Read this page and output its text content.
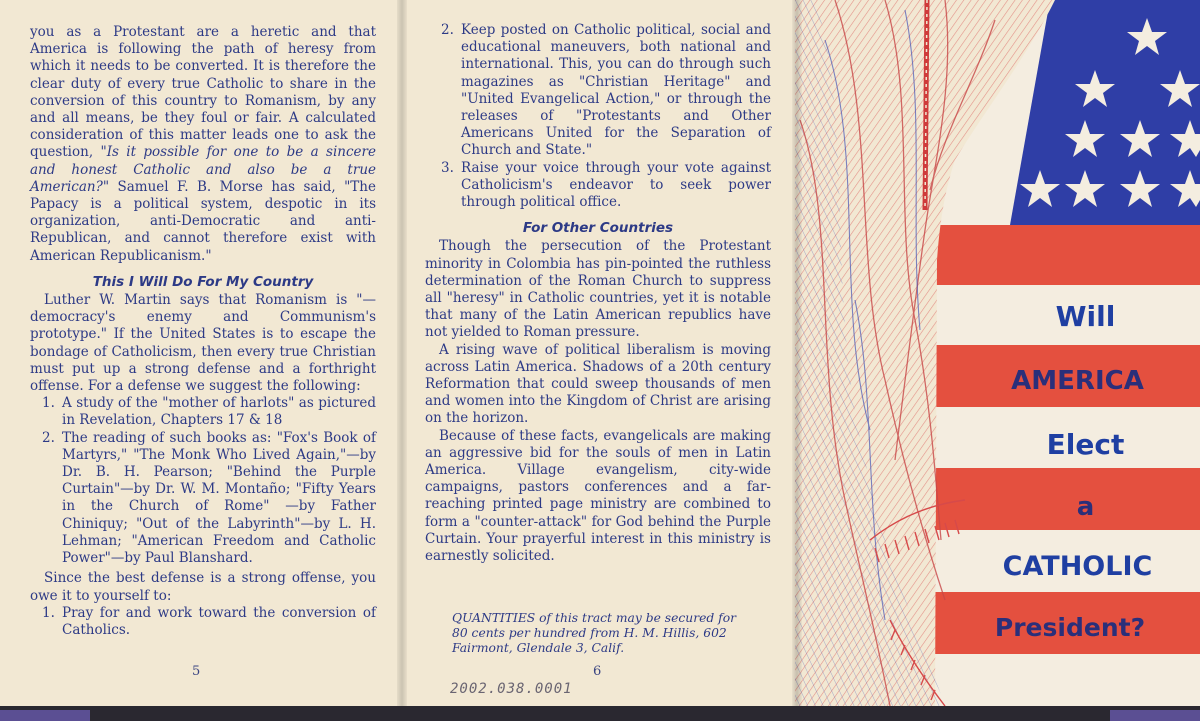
you as a Protestant are a heretic and that America is following the path of heresy from which it needs to be converted. It is therefore the clear duty of every true Catholic to share in the conversion of this country to Romanism, by any and all means, be they foul or fair. A calculated consideration of this matter leads one to ask the question, "Is it possible for one to be a sincere and honest Catholic and also be a true American?" Samuel F. B. Morse has said, "The Papacy is a political system, despotic in its organization, anti-Democratic and anti-Republican, and cannot therefore exist with American Republicanism."

This I Will Do For My Country

Luther W. Martin says that Romanism is "—democracy's enemy and Communism's prototype." If the United States is to escape the bondage of Catholicism, then every true Christian must put up a strong defense and a forthright offense. For a defense we suggest the following:

1. A study of the "mother of harlots" as pictured in Revelation, Chapters 17 & 18
2. The reading of such books as: "Fox's Book of Martyrs," "The Monk Who Lived Again,"—by Dr. B. H. Pearson; "Behind the Purple Curtain"—by Dr. W. M. Montaño; "Fifty Years in the Church of Rome" —by Father Chiniquy; "Out of the Labyrinth"—by L. H. Lehman; "American Freedom and Catholic Power"—by Paul Blanshard.

Since the best defense is a strong offense, you owe it to yourself to:

1. Pray for and work toward the conversion of Catholics.
5
2. Keep posted on Catholic political, social and educational maneuvers, both national and international. This, you can do through such magazines as "Christian Heritage" and "United Evangelical Action," or through the releases of "Protestants and Other Americans United for the Separation of Church and State."
3. Raise your voice through your vote against Catholicism's endeavor to seek power through political office.
For Other Countries

Though the persecution of the Protestant minority in Colombia has pin-pointed the ruthless determination of the Roman Church to suppress all "heresy" in Catholic countries, yet it is notable that many of the Latin American republics have not yielded to Roman pressure.

A rising wave of political liberalism is moving across Latin America. Shadows of a 20th century Reformation that could sweep thousands of men and women into the Kingdom of Christ are arising on the horizon.

Because of these facts, evangelicals are making an aggressive bid for the souls of men in Latin America. Village evangelism, city-wide campaigns, pastors conferences and a far-reaching printed page ministry are combined to form a "counter-attack" for God behind the Purple Curtain. Your prayerful interest in this ministry is earnestly solicited.

QUANTITIES of this tract may be secured for 80 cents per hundred from H. M. Hillis, 602 Fairmont, Glendale 3, Calif.
6
2002.038.0001
Will
AMERICA
Elect
a
CATHOLIC
President?
